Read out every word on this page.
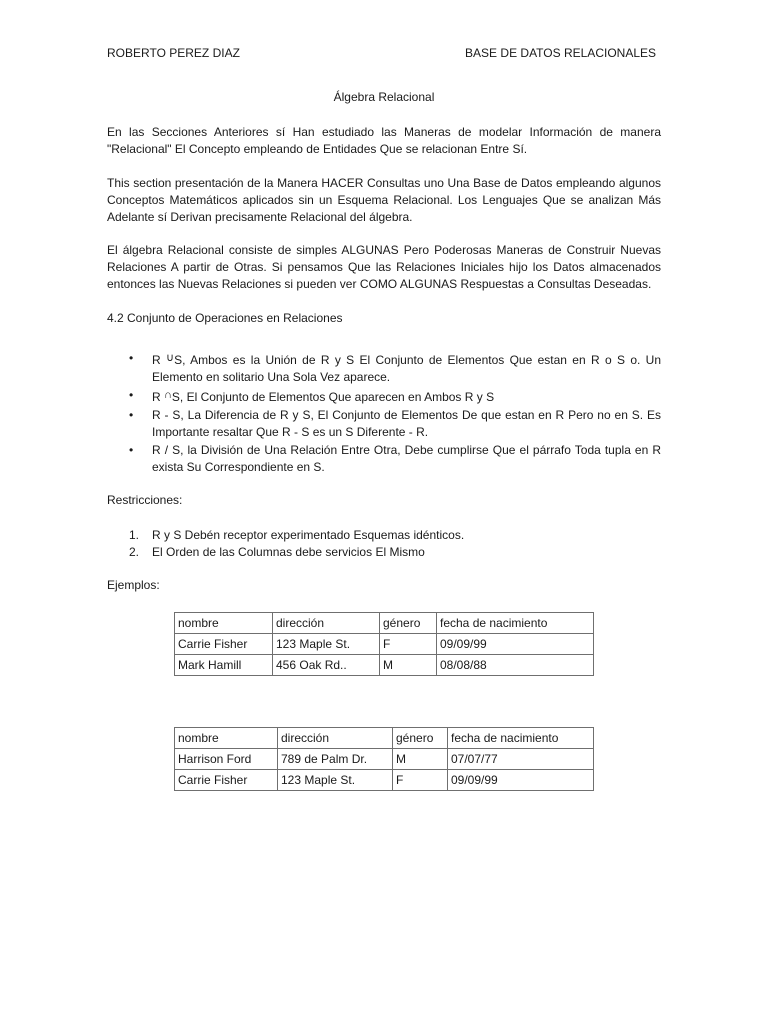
ROBERTO PEREZ DIAZ	BASE DE DATOS RELACIONALES
Álgebra Relacional

En las Secciones Anteriores sí Han estudiado las Maneras de modelar Información de manera "Relacional" El Concepto empleando de Entidades Que se relacionan Entre Sí.

This section presentación de la Manera HACER Consultas uno Una Base de Datos empleando algunos Conceptos Matemáticos aplicados sin un Esquema Relacional. Los Lenguajes Que se analizan Más Adelante sí Derivan precisamente Relacional del álgebra.

El álgebra Relacional consiste de simples ALGUNAS Pero Poderosas Maneras de Construir Nuevas Relaciones A partir de Otras. Si pensamos Que las Relaciones Iniciales hijo los Datos almacenados entonces las Nuevas Relaciones si pueden ver COMO ALGUNAS Respuestas a Consultas Deseadas.

4.2 Conjunto de Operaciones en Relaciones
• R ∪S, Ambos es la Unión de R y S El Conjunto de Elementos Que estan en R o S o. Un Elemento en solitario Una Sola Vez aparece.
• R ∩S, El Conjunto de Elementos Que aparecen en Ambos R y S
• R - S, La Diferencia de R y S, El Conjunto de Elementos De que estan en R Pero no en S. Es Importante resaltar Que R - S es un S Diferente - R.
• R / S, la División de Una Relación Entre Otra, Debe cumplirse Que el párrafo Toda tupla en R exista Su Correspondiente en S.
Restricciones:
1. R y S Debén receptor experimentado Esquemas idénticos.
2. El Orden de las Columnas debe servicios El Mismo
Ejemplos:
nombre	dirección	género	fecha de nacimiento
Carrie Fisher	123 Maple St.	F	09/09/99
Mark Hamill	456 Oak Rd..	M	08/08/88
nombre	dirección	género	fecha de nacimiento
Harrison Ford	789 de Palm Dr.	M	07/07/77
Carrie Fisher	123 Maple St.	F	09/09/99
